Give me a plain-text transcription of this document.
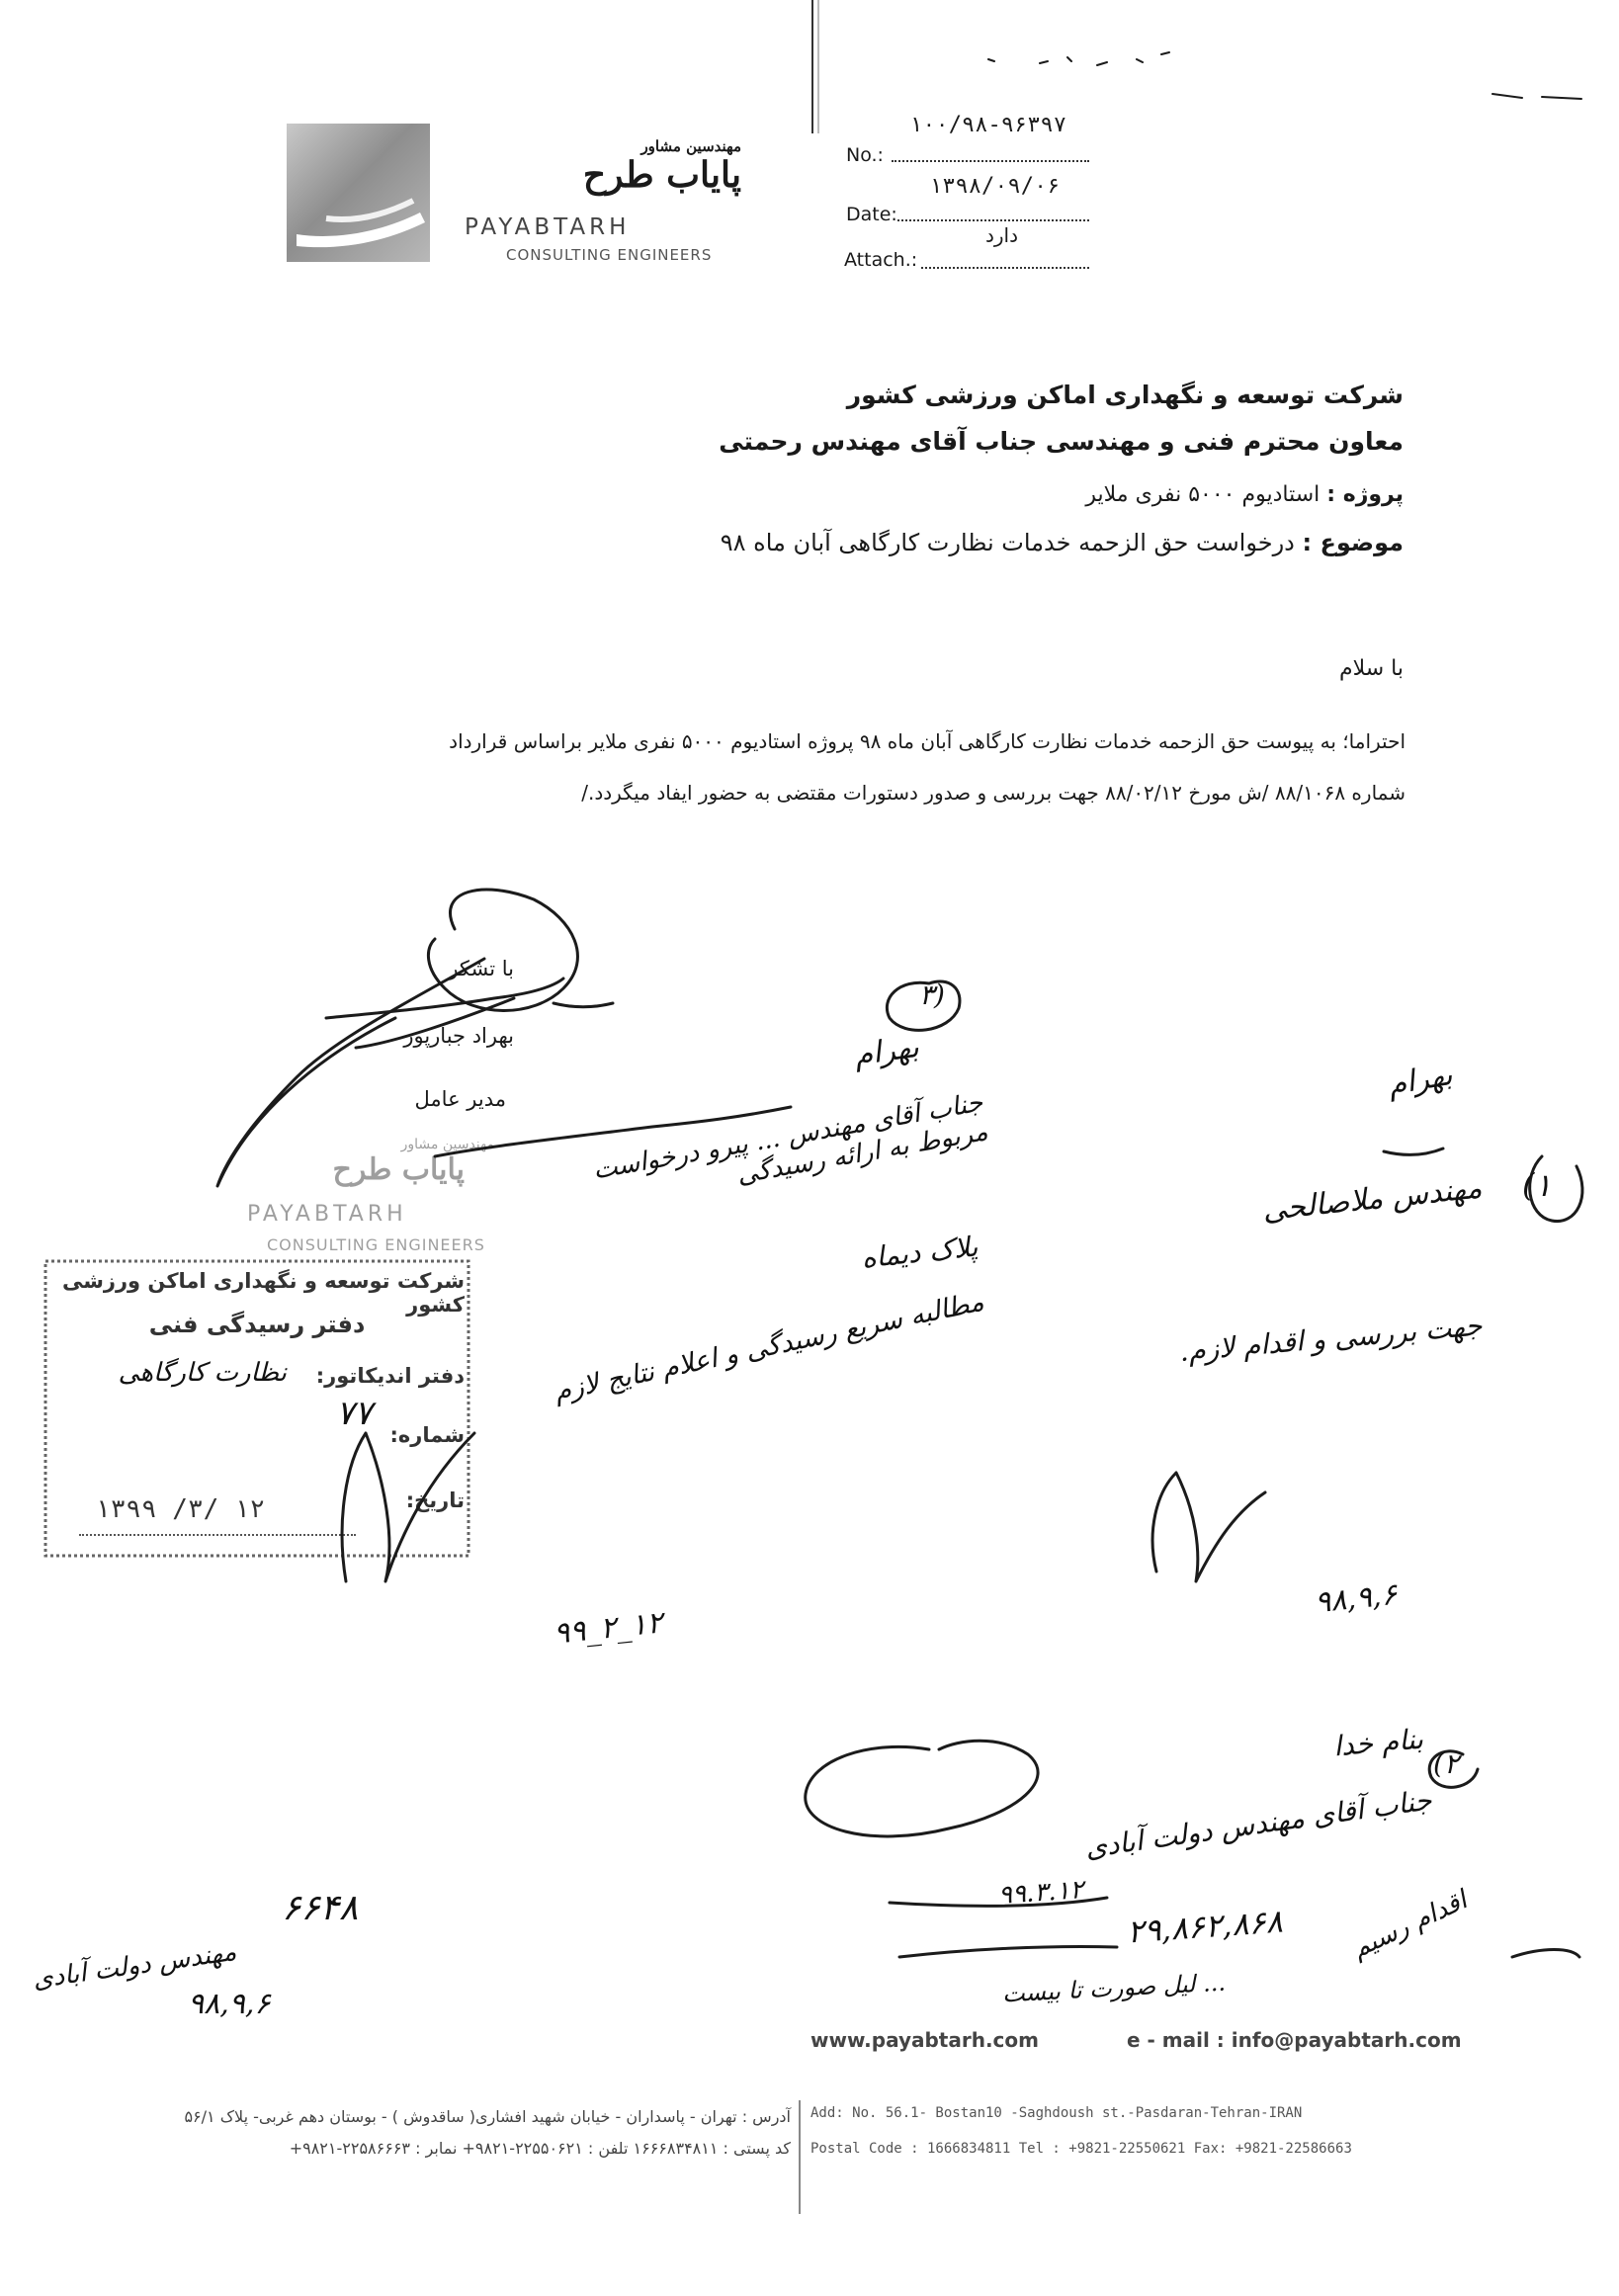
مهندسین مشاور
پایاب طرح
PAYABTARH
CONSULTING ENGINEERS
۱۰۰/۹۸-۹۶۳۹۷
No.:
۱۳۹۸/۰۹/۰۶
Date:
دارد
Attach.:
شرکت توسعه و نگهداری اماکن ورزشی کشور
معاون محترم فنی و مهندسی جناب آقای مهندس رحمتی
پروژه : استادیوم ۵۰۰۰ نفری ملایر
موضوع : درخواست حق الزحمه خدمات نظارت کارگاهی آبان ماه ۹۸
با سلام
احتراما؛ به پیوست حق الزحمه خدمات نظارت کارگاهی آبان ماه ۹۸ پروژه استادیوم ۵۰۰۰ نفری ملایر براساس قرارداد
شماره ۸۸/۱۰۶۸ /ش مورخ ۸۸/۰۲/۱۲ جهت بررسی و صدور دستورات مقتضی به حضور ایفاد میگردد./
با تشکر
بهراد جبارپور
مدیر عامل
مهندسین مشاور
پایاب طرح
PAYABTARH
CONSULTING ENGINEERS
شرکت توسعه و نگهداری اماکن ورزشی کشور
دفتر رسیدگی فنی
دفتر اندیکاتور:
نظارت کارگاهی
شماره:
۷۷
تاریخ:
۱۳۹۹ /۳/ ۱۲
۳)
بهرام
جناب آقای مهندس ... پیرو درخواست مربوط به ارائه رسیدگی
پلاک دیماه
مطالبه سریع رسیدگی و اعلام نتایج لازم
۹۹_۲_۱۲
(۱
بهرام
مهندس ملاصالحی
جهت بررسی و اقدام لازم.
۹۸,۹,۶
(۲
بنام خدا
جناب آقای مهندس دولت آبادی
۲۹,۸۶۲,۸۶۸	اقدام رسیم
... لیل صورت تا بیست
۹۹.۳.۱۲
۶۶۴۸
مهندس دولت آبادی
۹۸,۹,۶
www.payabtarh.com	e - mail : info@payabtarh.com
آدرس : تهران - پاسداران - خیابان شهید افشاری( ساقدوش ) - بوستان دهم غربی- پلاک ۵۶/۱
کد پستی : ۱۶۶۶۸۳۴۸۱۱ تلفن : ۲۲۵۵۰۶۲۱-۹۸۲۱+ نمابر : ۲۲۵۸۶۶۶۳-۹۸۲۱+
Add: No. 56.1- Bostan10 -Saghdoush st.-Pasdaran-Tehran-IRAN
Postal Code : 1666834811 Tel : +9821-22550621 Fax: +9821-22586663
